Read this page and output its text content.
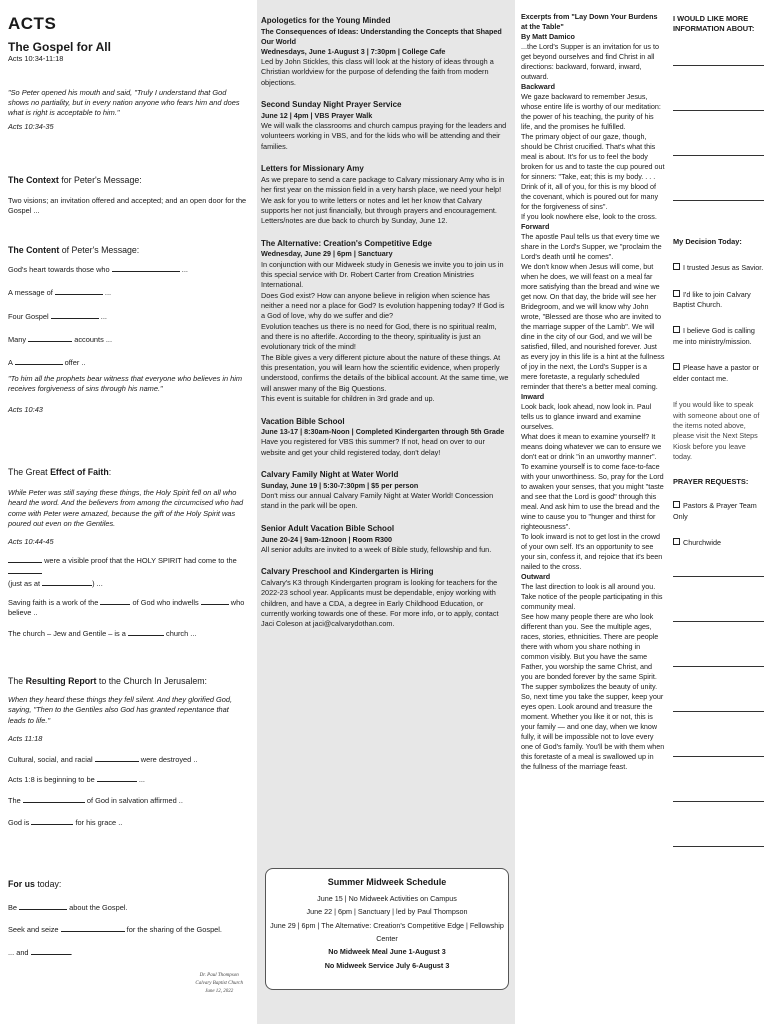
ACTS
The Gospel for All

Acts 10:34-11:18

"So Peter opened his mouth and said, "Truly I understand that God shows no partiality, but in every nation anyone who fears him and does what is right is acceptable to him."

Acts 10:34-35

The Context for Peter's Message:

Two visions; an invitation offered and accepted; and an open door for the Gospel ...

The Content of Peter's Message:

God's heart towards those who	...

A message of	...

Four Gospel	...

Many	accounts ...

A	offer ..

"To him all the prophets bear witness that everyone who believes in him receives forgiveness of sins through his name."

Acts 10:43

The Great Effect of Faith:

While Peter was still saying these things, the Holy Spirit fell on all who heard the word. And the believers from among the circumcised who had come with Peter were amazed, because the gift of the Holy Spirit was poured out even on the Gentiles.

Acts 10:44-45

were a visible proof that the HOLY SPIRIT had come to the
(just as at	) ...

Saving faith is a work of the	of God who indwells	who believe ..

The church – Jew and Gentile – is a	church ...

The Resulting Report to the Church In Jerusalem:

When they heard these things they fell silent. And they glorified God, saying, "Then to the Gentiles also God has granted repentance that leads to life."

Acts 11:18

Cultural, social, and racial	were destroyed ..

Acts 1:8 is beginning to be	...

The	of God in salvation affirmed ..

God is	for his grace ..

For us today:

Be	about the Gospel.

Seek and seize	for the sharing of the Gospel.

... and	.

Dr. Paul Thompson
Calvary Baptist Church
June 12, 2022

Apologetics for the Young Minded

The Consequences of Ideas: Understanding the Concepts that Shaped Our World

Wednesdays, June 1-August 3 | 7:30pm | College Cafe

Led by John Stickles, this class will look at the history of ideas through a Christian worldview for the purpose of defending the faith from modern objections.

Second Sunday Night Prayer Service

June 12 | 4pm | VBS Prayer Walk

We will walk the classrooms and church campus praying for the leaders and volunteers working in VBS, and for the kids who will be attending and their families.

Letters for Missionary Amy

As we prepare to send a care package to Calvary missionary Amy who is in her first year on the mission field in a very harsh place, we need your help! We ask for you to write letters or notes and let her know that Calvary supports her not just financially, but through prayers and encouragement. Letters/notes are due back to church by Sunday, June 12.

The Alternative: Creation's Competitive Edge

Wednesday, June 29 | 6pm | Sanctuary

In conjunction with our Midweek study in Genesis we invite you to join us in this special service with Dr. Robert Carter from Creation Ministries International.

Does God exist? How can anyone believe in religion when science has neither a need nor a place for God? Is evolution happening today? If God is a God of love, why do we suffer and die?

Evolution teaches us there is no need for God, there is no spiritual realm, and there is no afterlife. According to the theory, spirituality is just an evolutionary trick of the mind!

The Bible gives a very different picture about the nature of these things. At this presentation, you will learn how the scientific evidence, when properly understood, confirms the details of the biblical account. At the same time, we will answer many of the Big Questions.

This event is suitable for children in 3rd grade and up.

Vacation Bible School

June 13-17 | 8:30am-Noon | Completed Kindergarten through 5th Grade

Have you registered for VBS this summer? If not, head on over to our website and get your child registered today, don't delay!

Calvary Family Night at Water World

Sunday, June 19 | 5:30-7:30pm | $5 per person

Don't miss our annual Calvary Family Night at Water World! Concession stand in the park will be open.

Senior Adult Vacation Bible School

June 20-24 | 9am-12noon | Room R300

All senior adults are invited to a week of Bible study, fellowship and fun.

Calvary Preschool and Kindergarten is Hiring

Calvary's K3 through Kindergarten program is looking for teachers for the 2022-23 school year. Applicants must be dependable, enjoy working with children, and have a CDA, a degree in Early Childhood Education, or currently working towards one of these. For more info, or to apply, contact Jaci Coleson at jaci@calvarydothan.com.

Summer Midweek Schedule

June 15 | No Midweek Activities on Campus

June 22 | 6pm | Sanctuary | led by Paul Thompson

June 29 | 6pm | The Alternative: Creation's Competitive Edge | Fellowship Center

No Midweek Meal June 1-August 3

No Midweek Service July 6-August 3

Excerpts from "Lay Down Your Burdens at the Table"

By Matt Damico

...the Lord's Supper is an invitation for us to get beyond ourselves and find Christ in all directions: backward, forward, inward, outward.

Backward

We gaze backward to remember Jesus, whose entire life is worthy of our meditation: the power of his teaching, the purity of his life, and the promises he fulfilled.

The primary object of our gaze, though, should be Christ crucified. That's what this meal is about. It's for us to feel the body broken for us and to taste the cup poured out for sinners: "Take, eat; this is my body. . . . Drink of it, all of you, for this is my blood of the covenant, which is poured out for many for the forgiveness of sins".

If you look nowhere else, look to the cross.

Forward

The apostle Paul tells us that every time we share in the Lord's Supper, we "proclaim the Lord's death until he comes".

We don't know when Jesus will come, but when he does, we will feast on a meal far more satisfying than the bread and wine we get now. On that day, the bride will see her Bridegroom, and we will know why John wrote, "Blessed are those who are invited to the marriage supper of the Lamb". We will dine in the city of our God, and we will be satisfied, filled, and nourished forever. Just as every joy in this life is a hint at the fullness of joy in the next, the Lord's Supper is a mere foretaste, a regularly scheduled reminder that there's a better meal coming.

Inward

Look back, look ahead, now look in. Paul tells us to glance inward and examine ourselves.

What does it mean to examine yourself? It means doing whatever we can to ensure we don't eat or drink "in an unworthy manner". To examine yourself is to come face-to-face with your unworthiness. So, pray for the Lord to awaken your senses, that you might "taste and see that the Lord is good" through this meal. And ask him to use the bread and the wine to cause you to "hunger and thirst for righteousness".

To look inward is not to get lost in the crowd of your own self. It's an opportunity to see your sin, confess it, and rejoice that it's been nailed to the cross.

Outward

The last direction to look is all around you. Take notice of the people participating in this community meal.

See how many people there are who look different than you. See the multiple ages, races, stories, ethnicities. There are people there with whom you share nothing in common visibly. But you have the same Father, you worship the same Christ, and you are bonded forever by the same Spirit.

The supper symbolizes the beauty of unity. So, next time you take the supper, keep your eyes open. Look around and treasure the moment. Whether you like it or not, this is your family — and one day, when we know fully, it will be impossible not to love every one of God's family. You'll be with them when this foretaste of a meal is swallowed up in the fullness of the marriage feast.

I WOULD LIKE MORE INFORMATION ABOUT:

My Decision Today:

I trusted Jesus as Savior.

I'd like to join Calvary Baptist Church.

I believe God is calling me into ministry/mission.

Please have a pastor or elder contact me.

If you would like to speak with someone about one of the items noted above, please visit the Next Steps Kiosk before you leave today.

PRAYER REQUESTS:

Pastors & Prayer Team Only

Churchwide
